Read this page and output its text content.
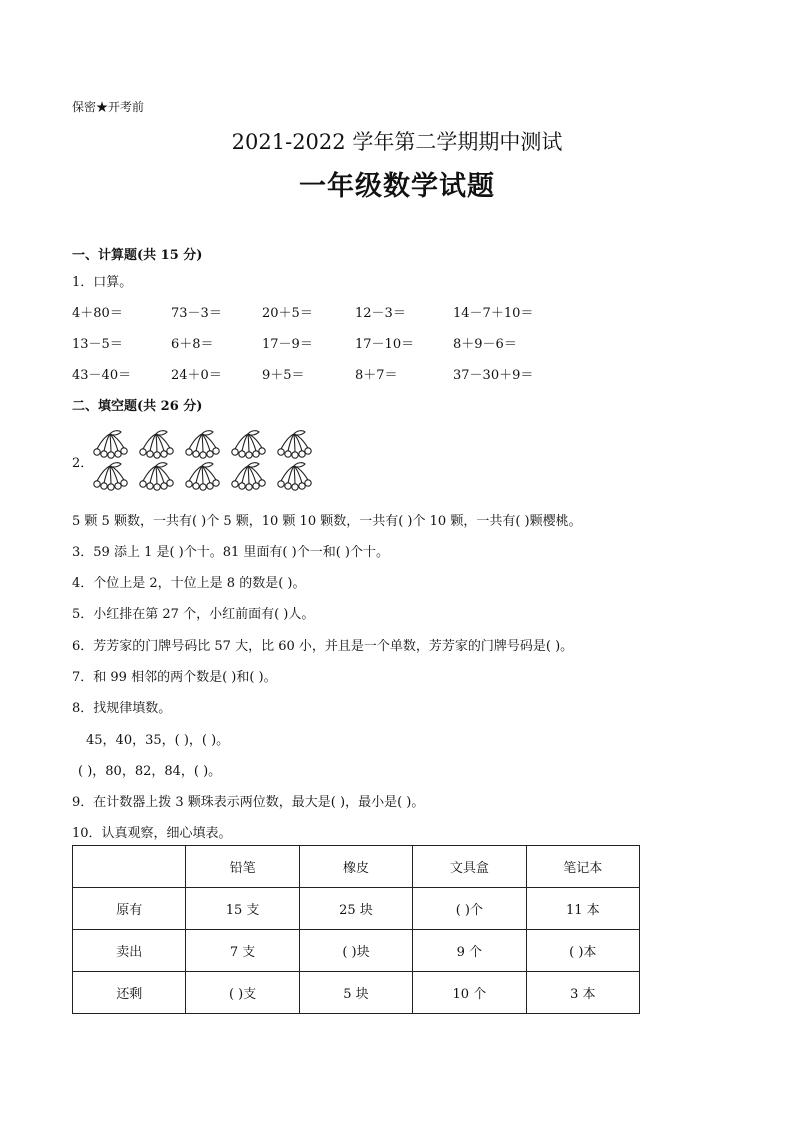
保密★开考前
2021-2022 学年第二学期期中测试
一年级数学试题
一、计算题(共 15 分)
1．口算。
4＋80＝	73－3＝	20＋5＝	12－3＝	14－7＋10＝
13－5＝	6＋8＝	17－9＝	17－10＝	8＋9－6＝
43－40＝	24＋0＝	9＋5＝	8＋7＝	37－30＋9＝
二、填空题(共 26 分)
2．
5 颗 5 颗数，一共有( )个 5 颗，10 颗 10 颗数，一共有( )个 10 颗，一共有( )颗樱桃。
3．59 添上 1 是( )个十。81 里面有( )个一和( )个十。
4．个位上是 2，十位上是 8 的数是( )。
5．小红排在第 27 个，小红前面有( )人。
6．芳芳家的门牌号码比 57 大，比 60 小，并且是一个单数，芳芳家的门牌号码是( )。
7．和 99 相邻的两个数是( )和( )。
8．找规律填数。
45，40，35，( )，( )。
( )，80，82，84，( )。
9．在计数器上拨 3 颗珠表示两位数，最大是( )，最小是( )。
10．认真观察，细心填表。
	铅笔	橡皮	文具盒	笔记本
原有	15 支	25 块	( )个	11 本
卖出	7 支	( )块	9 个	( )本
还剩	( )支	5 块	10 个	3 本
